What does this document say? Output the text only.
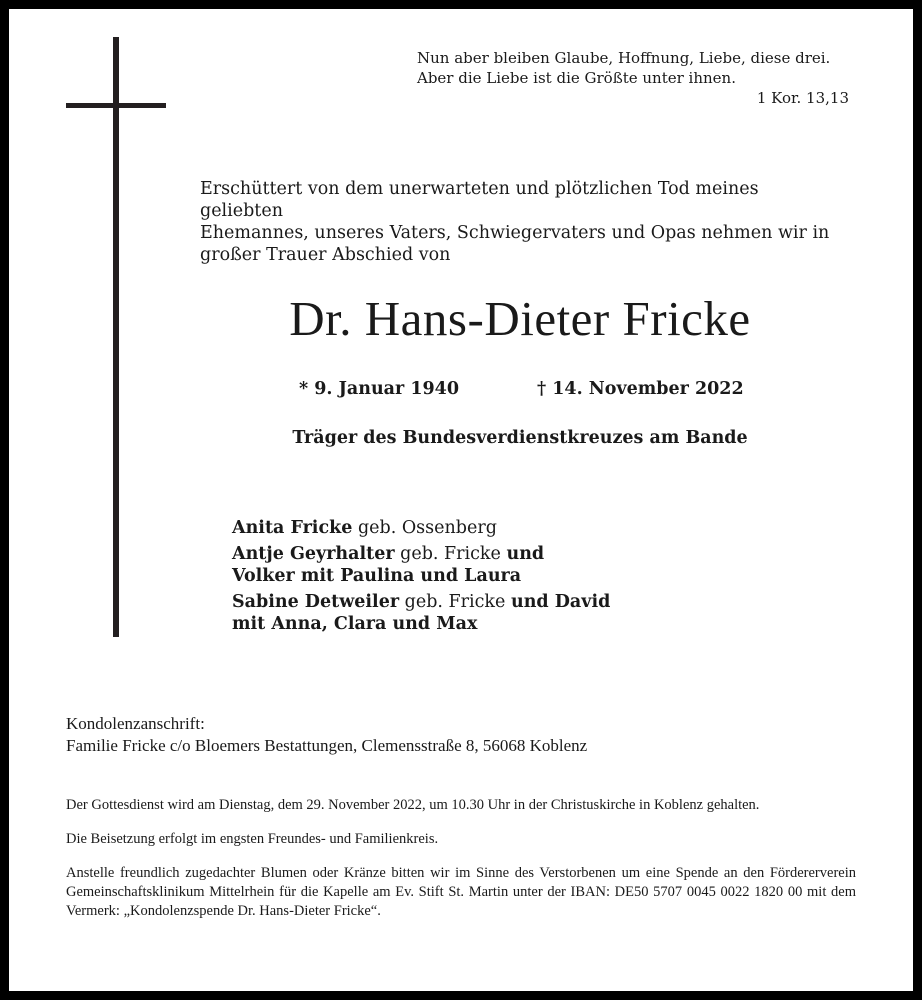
Nun aber bleiben Glaube, Hoffnung, Liebe, diese drei.
Aber die Liebe ist die Größte unter ihnen.
1 Kor. 13,13
Erschüttert von dem unerwarteten und plötzlichen Tod meines geliebten
Ehemannes, unseres Vaters, Schwiegervaters und Opas nehmen wir in
großer Trauer Abschied von
Dr. Hans-Dieter Fricke
* 9. Januar 1940	† 14. November 2022
Träger des Bundesverdienstkreuzes am Bande
Anita Fricke geb. Ossenberg
Antje Geyrhalter geb. Fricke und
Volker mit Paulina und Laura
Sabine Detweiler geb. Fricke und David
mit Anna, Clara und Max
Kondolenzanschrift:
Familie Fricke c/o Bloemers Bestattungen, Clemensstraße 8, 56068 Koblenz

Der Gottesdienst wird am Dienstag, dem 29. November 2022, um 10.30 Uhr in der Christuskirche in Koblenz gehalten.

Die Beisetzung erfolgt im engsten Freundes- und Familienkreis.

Anstelle freundlich zugedachter Blumen oder Kränze bitten wir im Sinne des Verstorbenen um eine Spende an den Fördererverein Gemeinschaftsklinikum Mittelrhein für die Kapelle am Ev. Stift St. Martin unter der IBAN: DE50 5707 0045 0022 1820 00 mit dem Vermerk: „Kondolenzspende Dr. Hans-Dieter Fricke“.
